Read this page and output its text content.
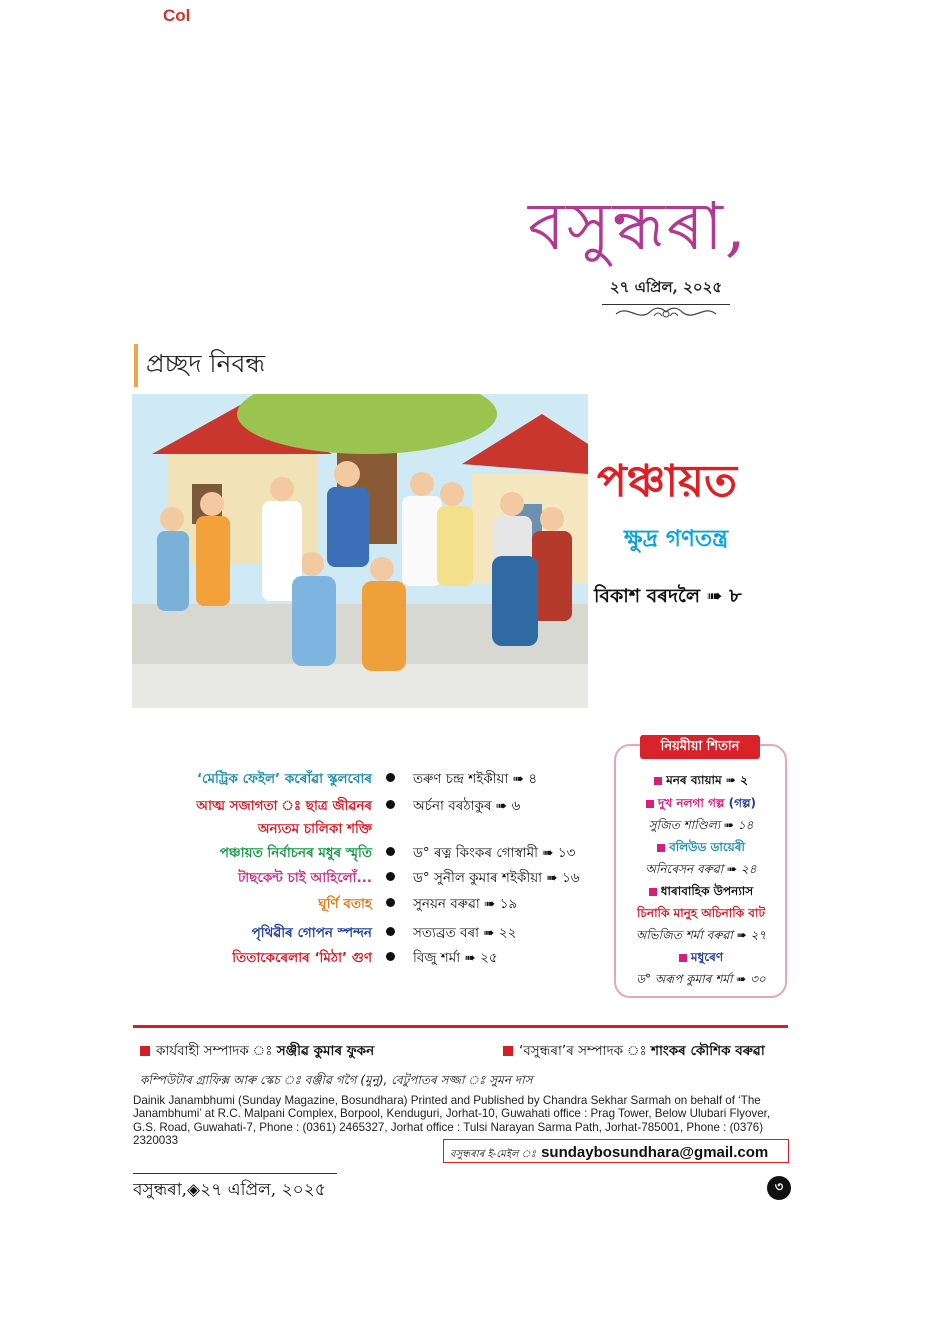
Col
বসুন্ধৰা,
২৭ এপ্ৰিল, ২০২৫
প্ৰচ্ছদ নিবন্ধ
পঞ্চায়ত
ক্ষুদ্ৰ গণতন্ত্ৰ
বিকাশ বৰদলৈ ➠ ৮
‘মেট্ৰিক ফেইল’ কৰোঁৱা স্কুলবোৰ	তৰুণ চন্দ্ৰ শইকীয়া ➠ ৪
আত্ম সজাগতা ঃ ছাত্ৰ জীৱনৰ	অৰ্চনা বৰঠাকুৰ ➠ ৬
অন্যতম চালিকা শক্তি
পঞ্চায়ত নিৰ্বাচনৰ মধুৰ স্মৃতি	ড° ৰত্ন কিংকৰ গোস্বামী ➠ ১৩
টাছকেন্ট চাই আহিলোঁ...	ড° সুনীল কুমাৰ শইকীয়া ➠ ১৬
ঘূৰ্ণি বতাহ	সুনয়ন বৰুৱা ➠ ১৯
পৃথিৱীৰ গোপন স্পন্দন	সত্যব্ৰত বৰা ➠ ২২
তিতাকেৰেলাৰ ‘মিঠা’ গুণ	বিজু শৰ্মা ➠ ২৫
নিয়মীয়া শিতান
মনৰ ব্যায়াম ➠ ২
দুখ নলগা গল্প (গল্প)
সুজিত শাণ্ডিল্য ➠ ১৪
বলিউড ডায়েৰী
অনিৰেসন বৰুৱা ➠ ২৪
ধাৰাবাহিক উপন্যাস
চিনাকি মানুহ অচিনাকি বাট
অভিজিত শৰ্মা বৰুৱা ➠ ২৭
মধুৰেণ
ড° অৰূপ কুমাৰ শৰ্মা ➠ ৩০
কাৰ্যবাহী সম্পাদক ঃ সঞ্জীৱ কুমাৰ ফুকন	‘বসুন্ধৰা’ৰ সম্পাদক ঃ শাংকৰ কৌশিক বৰুৱা
কম্পিউটাৰ গ্ৰাফিক্স আৰু স্কেচ ঃ বঞ্জীৱ গগৈ (মুনু), বেটুপাতৰ সজ্জা ঃ সুমন দাস
Dainik Janambhumi (Sunday Magazine, Bosundhara) Printed and Published by Chandra Sekhar Sarmah on behalf of ‘The Janambhumi’ at R.C. Malpani Complex, Borpool, Kenduguri, Jorhat-10, Guwahati office : Prag Tower, Below Ulubari Flyover, G.S. Road, Guwahati-7, Phone : (0361) 2465327, Jorhat office : Tulsi Narayan Sarma Path, Jorhat-785001, Phone : (0376) 2320033
বসুন্ধৰাৰ ই-মেইল ঃ sundaybosundhara@gmail.com
বসুন্ধৰা,◈২৭ এপ্ৰিল, ২০২৫	৩
